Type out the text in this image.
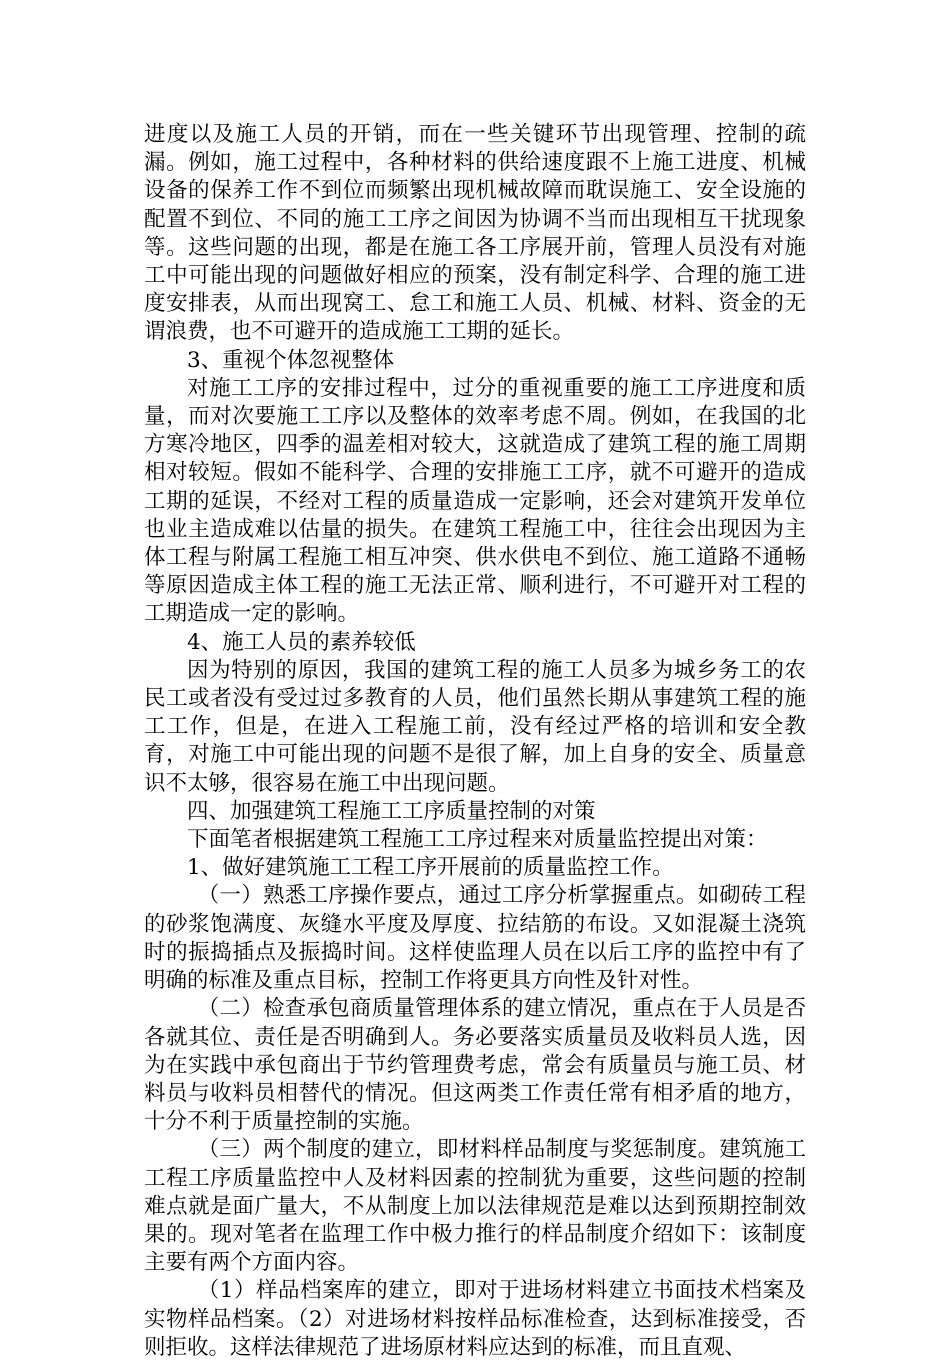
进度以及施工人员的开销，而在一些关键环节出现管理、控制的疏漏。例如，施工过程中，各种材料的供给速度跟不上施工进度、机械设备的保养工作不到位而频繁出现机械故障而耽误施工、安全设施的配置不到位、不同的施工工序之间因为协调不当而出现相互干扰现象等。这些问题的出现，都是在施工各工序展开前，管理人员没有对施工中可能出现的问题做好相应的预案，没有制定科学、合理的施工进度安排表，从而出现窝工、怠工和施工人员、机械、材料、资金的无谓浪费，也不可避开的造成施工工期的延长。

3、重视个体忽视整体

对施工工序的安排过程中，过分的重视重要的施工工序进度和质量，而对次要施工工序以及整体的效率考虑不周。例如，在我国的北方寒冷地区，四季的温差相对较大，这就造成了建筑工程的施工周期相对较短。假如不能科学、合理的安排施工工序，就不可避开的造成工期的延误，不经对工程的质量造成一定影响，还会对建筑开发单位也业主造成难以估量的损失。在建筑工程施工中，往往会出现因为主体工程与附属工程施工相互冲突、供水供电不到位、施工道路不通畅等原因造成主体工程的施工无法正常、顺利进行，不可避开对工程的工期造成一定的影响。

4、施工人员的素养较低

因为特别的原因，我国的建筑工程的施工人员多为城乡务工的农民工或者没有受过过多教育的人员，他们虽然长期从事建筑工程的施工工作，但是，在进入工程施工前，没有经过严格的培训和安全教育，对施工中可能出现的问题不是很了解，加上自身的安全、质量意识不太够，很容易在施工中出现问题。

四、加强建筑工程施工工序质量控制的对策

下面笔者根据建筑工程施工工序过程来对质量监控提出对策：

1、做好建筑施工工程工序开展前的质量监控工作。

（一）熟悉工序操作要点，通过工序分析掌握重点。如砌砖工程的砂浆饱满度、灰缝水平度及厚度、拉结筋的布设。又如混凝土浇筑时的振捣插点及振捣时间。这样使监理人员在以后工序的监控中有了明确的标准及重点目标，控制工作将更具方向性及针对性。

（二）检查承包商质量管理体系的建立情况，重点在于人员是否各就其位、责任是否明确到人。务必要落实质量员及收料员人选，因为在实践中承包商出于节约管理费考虑，常会有质量员与施工员、材料员与收料员相替代的情况。但这两类工作责任常有相矛盾的地方，十分不利于质量控制的实施。

（三）两个制度的建立，即材料样品制度与奖惩制度。建筑施工工程工序质量监控中人及材料因素的控制犹为重要，这些问题的控制难点就是面广量大，不从制度上加以法律规范是难以达到预期控制效果的。现对笔者在监理工作中极力推行的样品制度介绍如下：该制度主要有两个方面内容。

（1）样品档案库的建立，即对于进场材料建立书面技术档案及实物样品档案。（2）对进场材料按样品标准检查，达到标准接受，否则拒收。这样法律规范了进场原材料应达到的标准，而且直观、
